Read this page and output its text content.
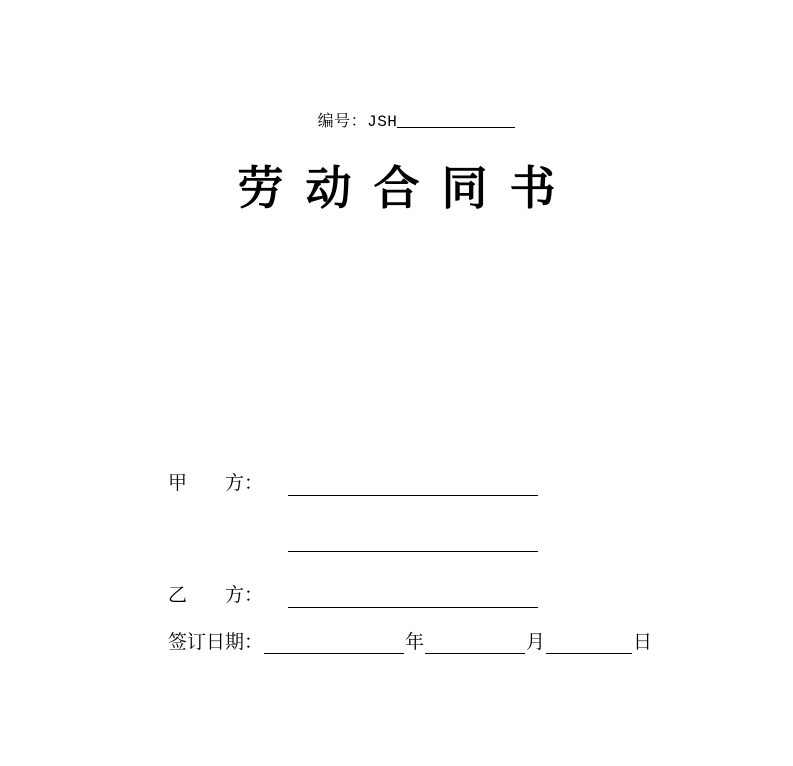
编号：JSH
劳动合同书
甲 方：
乙 方：
签订日期：	年	月	日
